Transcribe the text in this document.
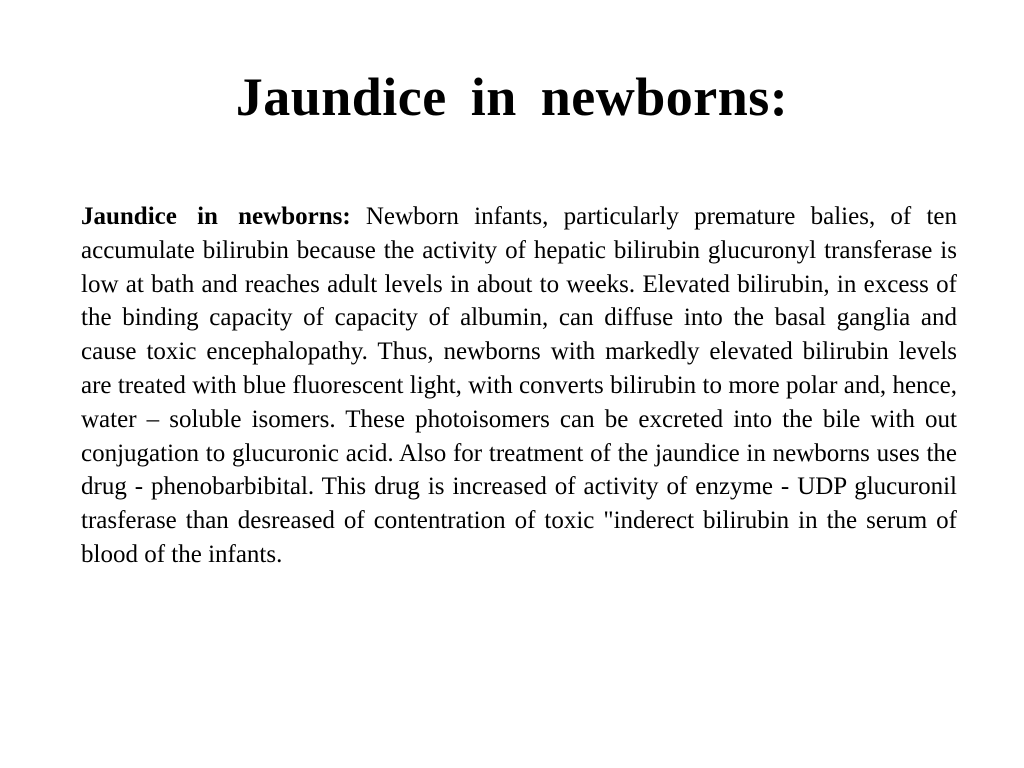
Jaundice in newborns:

Jaundice in newborns: Newborn infants, particularly premature balies, of ten accumulate bilirubin because the activity of hepatic bilirubin glucuronyl transferase is low at bath and reaches adult levels in about to weeks. Elevated bilirubin, in excess of the binding capacity of capacity of albumin, can diffuse into the basal ganglia and cause toxic encephalopathy. Thus, newborns with markedly elevated bilirubin levels are treated with blue fluorescent light, with converts bilirubin to more polar and, hence, water – soluble isomers. These photoisomers can be excreted into the bile with out conjugation to glucuronic acid. Also for treatment of the jaundice in newborns uses the drug - phenobarbibital. This drug is increased of activity of enzyme - UDP glucuronil trasferase than desreased of contentration of toxic "inderect bilirubin in the serum of blood of the infants.
